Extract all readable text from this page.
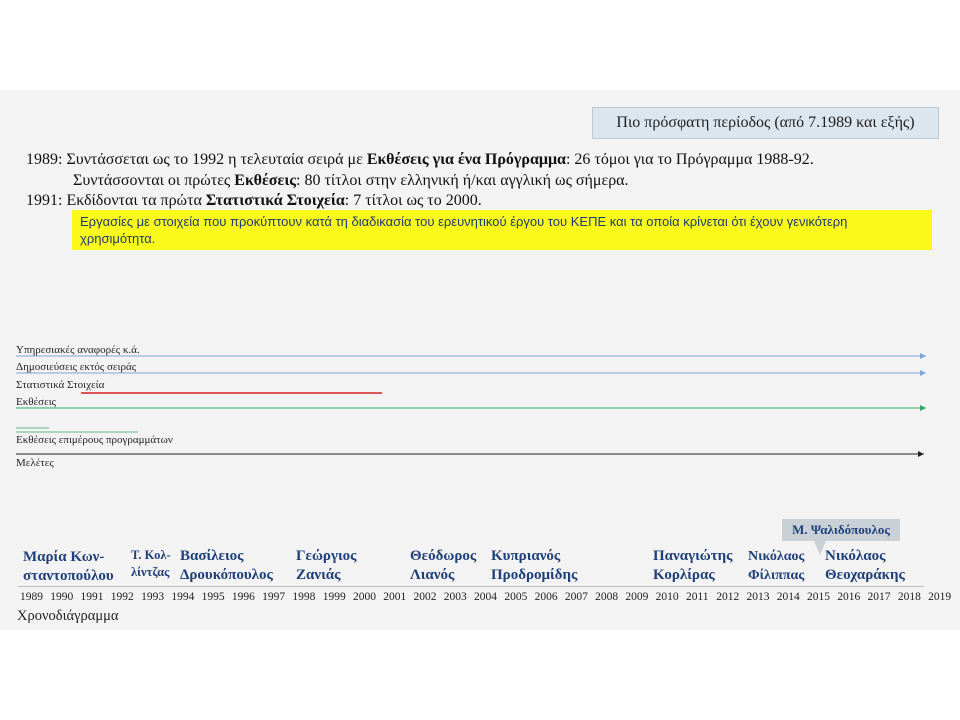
Πιο πρόσφατη περίοδος (από 7.1989 και εξής)
1989: Συντάσσεται ως το 1992 η τελευταία σειρά με Εκθέσεις για ένα Πρόγραμμα: 26 τόμοι για το Πρόγραμμα 1988-92.
Συντάσσονται οι πρώτες Εκθέσεις: 80 τίτλοι στην ελληνική ή/και αγγλική ως σήμερα.
1991: Εκδίδονται τα πρώτα Στατιστικά Στοιχεία: 7 τίτλοι ως το 2000.
Εργασίες με στοιχεία που προκύπτουν κατά τη διαδικασία του ερευνητικού έργου του ΚΕΠΕ και τα οποία κρίνεται ότι έχουν γενικότερη χρησιμότητα.
Υπηρεσιακές αναφορές κ.ά.
Δημοσιεύσεις εκτός σειράς
Στατιστικά Στοιχεία
Εκθέσεις
Εκθέσεις επιμέρους προγραμμάτων
Μελέτες
Μαρία Κων-
σταντοπούλου
Τ. Κολ-
λίντζας
Βασίλειος
Δρουκόπουλος
Γεώργιος
Ζανιάς
Θεόδωρος
Λιανός
Κυπριανός
Προδρομίδης
Παναγιώτης
Κορλίρας
Νικόλαος
Φίλιππας
Νικόλαος
Θεοχαράκης
Μ. Ψαλιδόπουλος
1989 1990 1991 1992 1993 1994 1995 1996 1997 1998 1999 2000 2001 2002 2003 2004 2005 2006 2007 2008 2009 2010 2011 2012 2013 2014 2015 2016 2017 2018 2019
Χρονοδιάγραμμα
